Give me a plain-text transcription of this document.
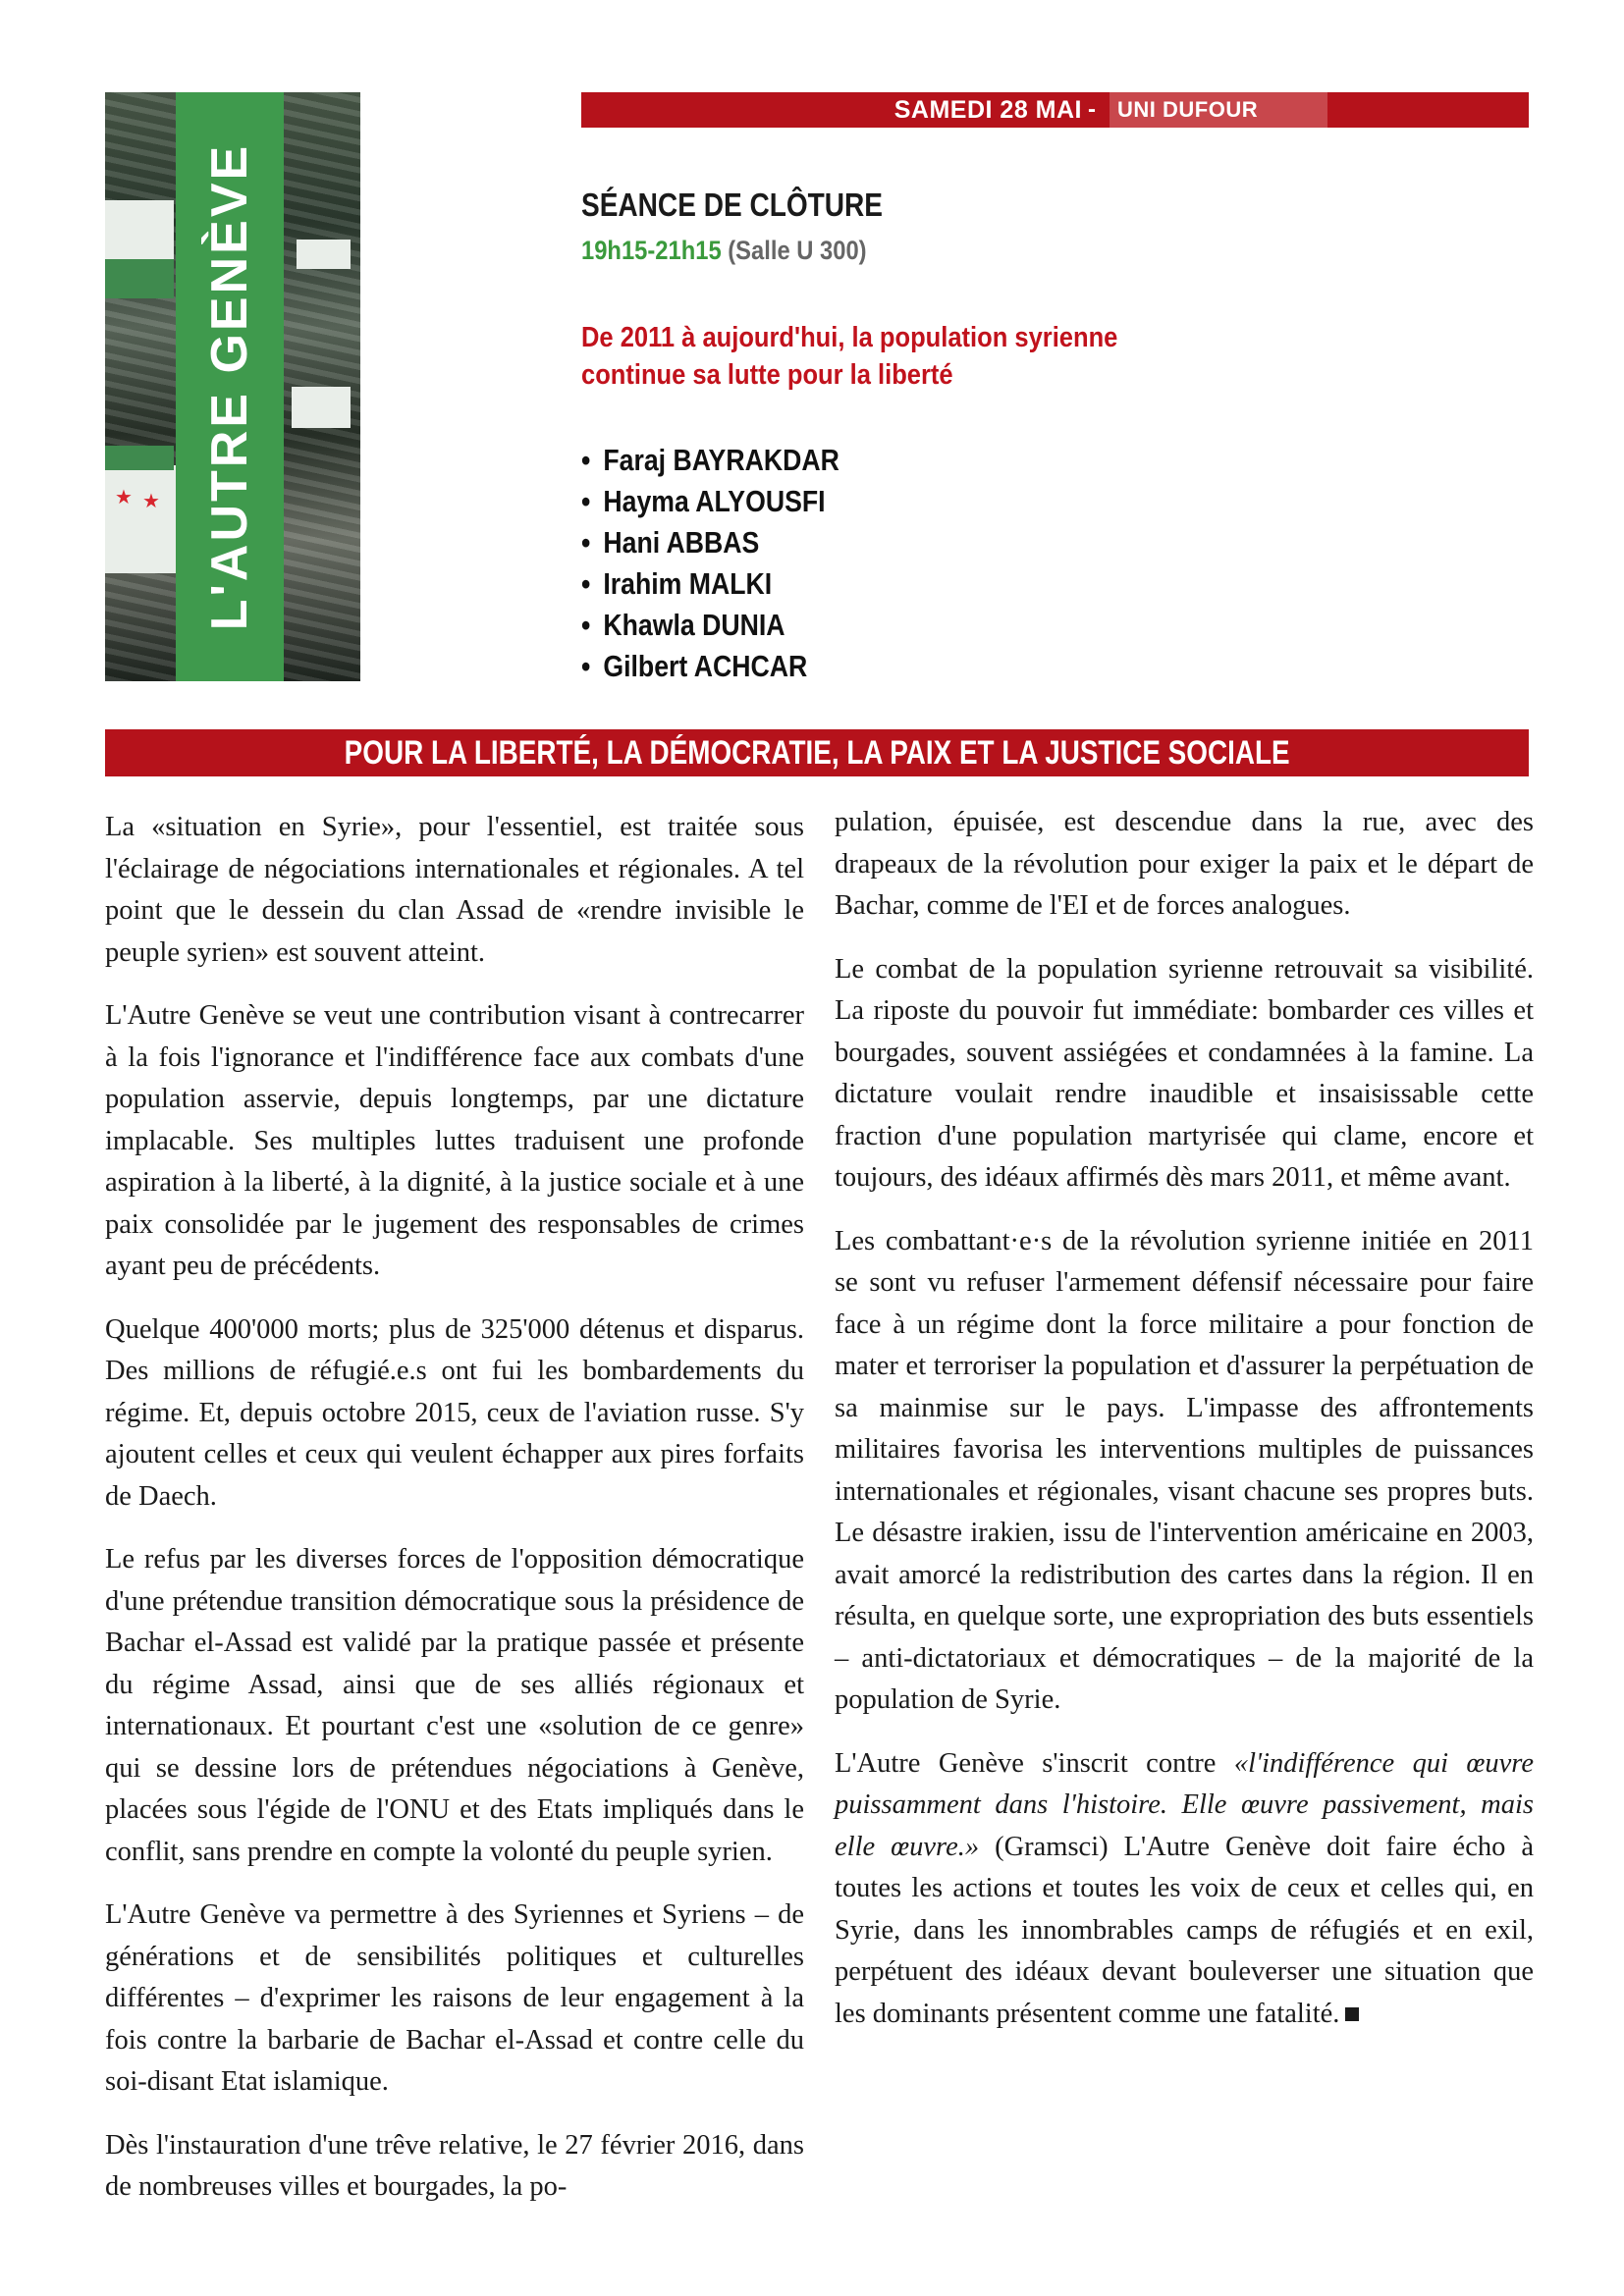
★ ★ L'AUTRE GENÈVE
SAMEDI 28 MAI -	UNI DUFOUR
SÉANCE DE CLÔTURE
19h15-21h15 (Salle U 300)
De 2011 à aujourd'hui, la population syrienne
continue sa lutte pour la liberté
• Faraj BAYRAKDAR
• Hayma ALYOUSFI
• Hani ABBAS
• Irahim MALKI
• Khawla DUNIA
• Gilbert ACHCAR
POUR LA LIBERTÉ, LA DÉMOCRATIE, LA PAIX ET LA JUSTICE SOCIALE

La «situation en Syrie», pour l'essentiel, est traitée sous l'éclairage de négociations internationales et régionales. A tel point que le dessein du clan Assad de «rendre invisible le peuple syrien» est souvent atteint.

L'Autre Genève se veut une contribution visant à contrecarrer à la fois l'ignorance et l'indifférence face aux combats d'une population asservie, depuis longtemps, par une dictature implacable. Ses multiples luttes traduisent une profonde aspiration à la liberté, à la dignité, à la justice sociale et à une paix consolidée par le jugement des responsables de crimes ayant peu de précédents.

Quelque 400'000 morts; plus de 325'000 détenus et disparus. Des millions de réfugié.e.s ont fui les bombardements du régime. Et, depuis octobre 2015, ceux de l'aviation russe. S'y ajoutent celles et ceux qui veulent échapper aux pires forfaits de Daech.

Le refus par les diverses forces de l'opposition démocratique d'une prétendue transition démocratique sous la présidence de Bachar el-Assad est validé par la pratique passée et présente du régime Assad, ainsi que de ses alliés régionaux et internationaux. Et pourtant c'est une «solution de ce genre» qui se dessine lors de prétendues négociations à Genève, placées sous l'égide de l'ONU et des Etats impliqués dans le conflit, sans prendre en compte la volonté du peuple syrien.

L'Autre Genève va permettre à des Syriennes et Syriens – de générations et de sensibilités politiques et culturelles différentes – d'exprimer les raisons de leur engagement à la fois contre la barbarie de Bachar el-Assad et contre celle du soi-disant Etat islamique.

Dès l'instauration d'une trêve relative, le 27 février 2016, dans de nombreuses villes et bourgades, la po-

pulation, épuisée, est descendue dans la rue, avec des drapeaux de la révolution pour exiger la paix et le départ de Bachar, comme de l'EI et de forces analogues.

Le combat de la population syrienne retrouvait sa visibilité. La riposte du pouvoir fut immédiate: bombarder ces villes et bourgades, souvent assiégées et condamnées à la famine. La dictature voulait rendre inaudible et insaisissable cette fraction d'une population martyrisée qui clame, encore et toujours, des idéaux affirmés dès mars 2011, et même avant.

Les combattant·e·s de la révolution syrienne initiée en 2011 se sont vu refuser l'armement défensif nécessaire pour faire face à un régime dont la force militaire a pour fonction de mater et terroriser la population et d'assurer la perpétuation de sa mainmise sur le pays. L'impasse des affrontements militaires favorisa les interventions multiples de puissances internationales et régionales, visant chacune ses propres buts. Le désastre irakien, issu de l'intervention américaine en 2003, avait amorcé la redistribution des cartes dans la région. Il en résulta, en quelque sorte, une expropriation des buts essentiels – anti-dictatoriaux et démocratiques – de la majorité de la population de Syrie.

L'Autre Genève s'inscrit contre «l'indifférence qui œuvre puissamment dans l'histoire. Elle œuvre passivement, mais elle œuvre.» (Gramsci) L'Autre Genève doit faire écho à toutes les actions et toutes les voix de ceux et celles qui, en Syrie, dans les innombrables camps de réfugiés et en exil, perpétuent des idéaux devant bouleverser une situation que les dominants présentent comme une fatalité.
